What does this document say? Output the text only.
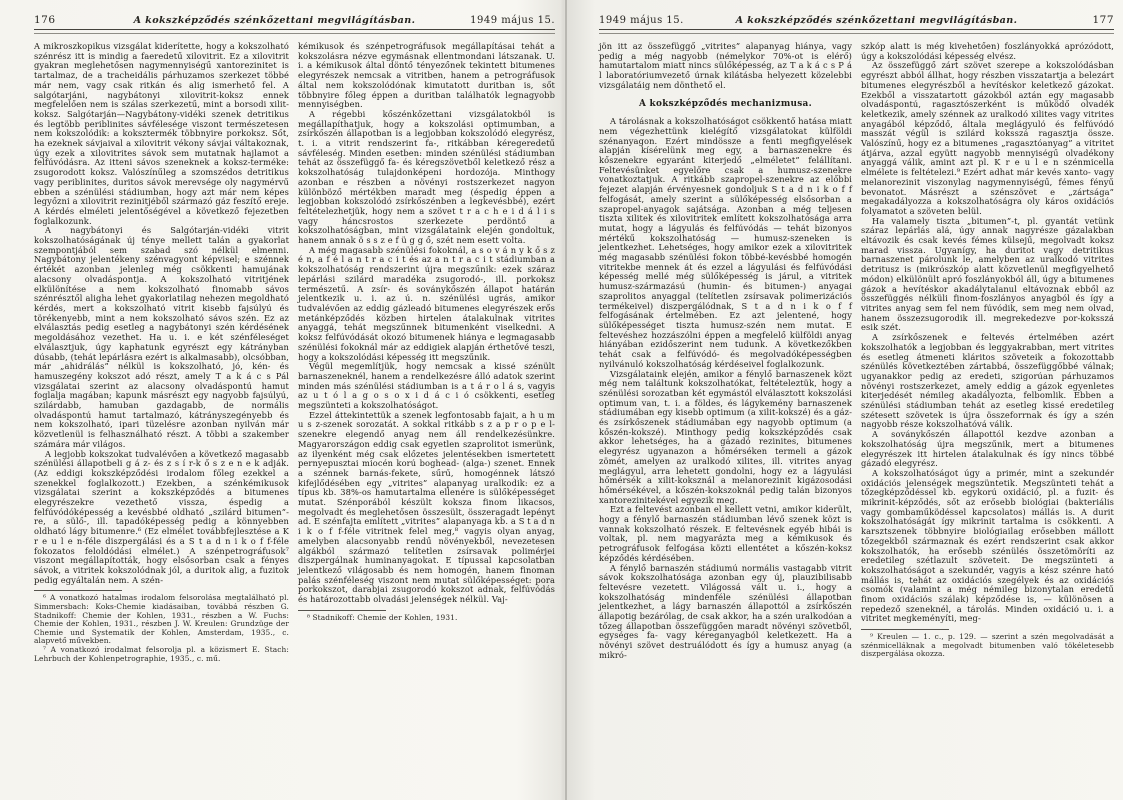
176	A kokszképződés szénkőzettani megvilágításban.	1949 május 15.

A mikroszkopikus vizsgálat kiderítette, hogy a kokszolható szénrész itt is mindig a faeredetű xilovitrit. Ez a xilovitrit gyakran meglehetősen nagymennyiségű xantorezinitet is tartalmaz, de a tracheidális párhuzamos szerkezet többé már nem, vagy csak ritkán és alig ismerhető fel. A salgótarjáni, nagybátonyi xilovitrit-koksz ennek megfelelően nem is szálas szerkezetű, mint a borsodi xilit-koksz. Salgótarján—Nagybátony-vidéki szenek detritikus és legtöbb periblinites sávfélesége viszont természetesen nem kokszolódik: a koksztermék többnyire porkoksz. Sőt, ha ezeknek sávjaival a xilovitrit vékony sávjai váltakoznak, úgy ezek a xilovitrites sávok sem mutatnak hajlamot a felfúvódásra. Az itteni sávos szeneknek a koksz-terméke: zsugorodott koksz. Valószínűleg a szomszédos detritikus vagy periblinites, duritos sávok merevsége oly nagymérvű ebben a szénülési stádiumban, hogy azt már nem képes legyőzni a xilovitrit rezinitjéből származó gáz feszítő ereje. A kérdés elméleti jelentőségével a következő fejezetben foglalkozunk.

A nagybátonyi és Salgótarján-vidéki vitrit kokszolhatóságának új ténye mellett talán a gyakorlat szempontjából sem szabad szó nélkül elmenni. Nagybátony jelentékeny szénvagyont képvisel; e szénnek értékét azonban jelenleg még csökkenti hamujának alacsony olvadáspontja. A kokszolható vitritjének elkülönítése a nem kokszolható finomabb sávos szénrésztől aligha lehet gyakorlatilag nehezen megoldható kérdés, mert a kokszolható vitrit kisebb fajsúlyú és törékenyebb, mint a nem kokszolható sávos szén. Ez az elválasztás pedig esetleg a nagybátonyi szén kérdésének megoldásához vezethet. Ha u. i. e két szénféleséget elválasztjuk, úgy kaphatunk egyrészt egy kátrányban dúsabb, (tehát lepárlásra ezért is alkalmasabb), olcsóbban, már „ahidrálás” nélkül is kokszolható, jó, kén- és hamuszegény kokszot adó részt, amely T a k á c s Pál vizsgálatai szerint az alacsony olvadáspontú hamut foglalja magában; kapunk másrészt egy nagyobb fajsúlyú, szilárdabb, hamuban gazdagabb, de normális olvadáspontú hamut tartalmazó, kátrányszegényebb és nem kokszolható, ipari tüzelésre azonban nyilván már közvetlenül is felhasználható részt. A többi a szakember számára már világos.

A legjobb kokszokat tudvalévően a következő magasabb szénülési állapotbeli g á z- és z s í r-k ő s z e n e k adják. (Az eddigi kokszképződési irodalom főleg ezekkel a szenekkel foglalkozott.) Ezekben, a szénkémikusok vizsgálatai szerint a kokszképződés a bitumenes elegyrészekre vezethető vissza, éspedig a felfúvódóképesség a kevésbbé oldható „szilárd bitumen”-re, a sülő-, ill. tapadóképesség pedig a könnyebben oldható lágy bitumenre.⁶ (Ez elmélet továbbfejlesztése a K r e u l e n-féle diszpergálási és a S t a d n i k o f f-féle fokozatos feloldódási elmélet.) A szénpetrográfusok⁷ viszont megállapították, hogy elsősorban csak a fényes sávok, a vitritek kokszolódnak jól, a duritok alig, a fuzitok pedig egyáltalán nem. A szén-

⁶ A vonatkozó hatalmas irodalom felsorolása megtalálható pl. Simmersbach: Koks-Chemie kiadásaiban, továbbá részben G. Stadnikoff: Chemie der Kohlen, 1931., részben a W. Fuchs: Chemie der Kohlen, 1931., részben J. W. Kreulen: Grundzüge der Chemie und Systematik der Kohlen, Amsterdam, 1935., c. alapvető művekben.

⁷ A vonatkozó irodalmat felsorolja pl. a közismert E. Stach: Lehrbuch der Kohlenpetrographie, 1935., c. mű.

kémikusok és szénpetrográfusok megállapításai tehát a kokszolásra nézve egymásnak ellentmondani látszanak. U. i. a kémikusok által döntő tényezőnek tekintett bitumenes elegyrészek nemcsak a vitritben, hanem a petrográfusok által nem kokszolódónak kimutatott duritban is, sőt többnyire főleg éppen a duritban találhatók legnagyobb mennyiségben.

A régebbi kőszénkőzettani vizsgálatokból is megállapíthatjuk, hogy a kokszolási optimumban, a zsírkőszén állapotban is a legjobban kokszolódó elegyrész, t. i. a vitrit rendszerint fa-, ritkábban kéregeredetű sávféleség. Minden esetben: minden szénülési stádiumban tehát az összefüggő fa- és kéregszövetből keletkező rész a kokszolhatóság tulajdonképeni hordozója. Minthogy azonban e részben a növényi rostszerkezet nagyon különböző mértékben maradt meg (éspedig éppen a legjobban kokszolódó zsírkőszénben a legkevésbbé), ezért feltételezhetjük, hogy nem a szövet t r a c h e i d á l i s vagy háncsrostos szerkezete perdöntő a kokszolhatóságban, mint vizsgálataink elején gondoltuk, hanem annak ö s s z e f ü g g ő, szét nem esett volta.

A még magasabb szénülési fokoknál, a s o v á n y k ő s z é n, a f é l a n t r a c i t és az a n t r a c i t stádiumban a kokszolhatóság rendszerint újra megszűnik: ezek száraz lepárlási szilárd maradéka zsugorodó-, ill. porkoksz természetű. A zsír- és soványkőszén állapot határán jelentkezik u. i. az ú. n. szénülési ugrás, amikor tudvalévően az eddig gázleadó bitumenes elegyrészek erős metánképződés közben hirtelen átalakulnak vitrites anyaggá, tehát megszűnnek bitumenként viselkedni. A koksz felfúvódását okozó bitumenek hiánya e legmagasabb szénülési fokoknál már az eddigiek alapján érthetővé teszi, hogy a kokszolódási képesség itt megszűnik.

Végül megemlítjük, hogy nemcsak a kissé szénült barnaszeneknél, hanem a rendelkezésre álló adatok szerint minden más szénülési stádiumban is a t á r o l á s, vagyis az u t ó l a g o s o x i d á c i ó csökkenti, esetleg megszünteti a kokszolhatóságot.

Ezzel áttekintettük a szenek legfontosabb fajait, a h u m u s z-szenek sorozatát. A sokkal ritkább s z a p r o p e l-szenekre elegendő anyag nem áll rendelkezésünkre. Magyarországon eddig csak egyetlen szaprolitot ismerünk, az ilyenként még csak előzetes jelentésekben ismertetett pernyepusztai miocén korú boghead- (alga-) szenet. Ennek a szénnek barnás-fekete, sűrű, homogénnek látszó kifejlődésében egy „vitrites” alapanyag uralkodik: ez a típus kb. 38%-os hamutartalma ellenére is sülőképességet mutat. Szénporából készült koksza finom likacsos, megolvadt és meglehetősen összesült, összeragadt lepényt ad. E szénfajta említett „vitrites” alapanyaga kb. a S t a d n i k o f f-féle vitritnek felel meg,⁸ vagyis olyan anyag, amelyben alacsonyabb rendű növényekből, nevezetesen algákból származó telítetlen zsírsavak polimérjei diszpergálnak huminanyagokat. E típussal kapcsolatban jelentkező világosabb és nem homogén, hanem finoman palás szénféleség viszont nem mutat sülőképességet: pora porkokszot, darabjai zsugorodó kokszot adnak, felfúvódás és határozottabb olvadási jelenségek nélkül. Vaj-

⁸ Stadnikoff: Chemie der Kohlen, 1931.

1949 május 15.	A kokszképződés szénkőzettani megvilágításban.	177

jön itt az összefüggő „vitrites” alapanyag hiánya, vagy pedig a még nagyobb (némelykor 70%-ot is elérő) hamutartalom miatt nincs sülőképesség, az T a k á c s P á l laboratóriumvezető úrnak kilátásba helyezett közelebbi vizsgálatáig nem dönthető el.

A kokszképződés mechanizmusa.

A tárolásnak a kokszolhatóságot csökkentő hatása miatt nem végezhettünk kielégítő vizsgálatokat külföldi szénanyagon. Ezért mindössze a fenti megfigyelések alapján kísérelünk meg egy, a barnaszenekre és kőszenekre egyaránt kiterjedő „elméletet” felállítani. Feltevésünket egyelőre csak a humusz-szenekre vonatkoztatjuk. A ritkább szapropel-szenekre az előbbi fejezet alapján érvényesnek gondoljuk S t a d n i k o f f felfogását, amely szerint a sülőképesség elsősorban a szapropel-anyagok sajátsága. Azonban a még teljesen tiszta xilitek és xilovitritek említett kokszolhatósága arra mutat, hogy a lágyulás és felfúvódás — tehát bizonyos mértékű kokszolhatóság — humusz-szeneken is jelentkezhet. Lehetséges, hogy amikor ezek a xilovitritek még magasabb szénülési fokon többé-kevésbbé homogén vitritekbe mennek át és ezzel a lágyulási és felfúvódási képesség mellé még sülőképesség is járul, a vitritek humusz-származású (humin- és bitumen-) anyagai szaprolitos anyaggal (telítetlen zsírsavak polimerizációs termékeivel) diszpergálódnak, S t a d n i k o f f felfogásának értelmében. Ez azt jelentené, hogy sülőképességet tiszta humusz-szén nem mutat. E feltevéshez hozzászólni éppen a megfelelő külföldi anyag hiányában ezidőszerint nem tudunk. A következőkben tehát csak a felfúvódó- és megolvadóképességben nyilvánuló kokszolhatóság kérdéseivel foglalkozunk.

Vizsgálataink elején, amikor a fénylő barnaszenek közt még nem találtunk kokszolhatókat, feltételeztük, hogy a szénülési sorozatban két egymástól elválasztott kokszolási optimum van, t. i. a földes, és lágykemény barnaszenek stádiumában egy kisebb optimum (a xilit-kokszé) és a gáz- és zsírkőszenek stádiumában egy nagyobb optimum (a kőszén-kokszé). Minthogy pedig kokszképződés csak akkor lehetséges, ha a gázadó rezinites, bitumenes elegyrész ugyanazon a hőmérséken termeli a gázok zömét, amelyen az uralkodó xilites, ill. vitrites anyag meglágyul, arra lehetett gondolni, hogy ez a lágyulási hőmérsék a xilit-koksznál a melanorezinit kigázosodási hőmérsékével, a kőszén-kokszoknál pedig talán bizonyos xantorezinitekével egyezik meg.

Ezt a feltevést azonban el kellett vetni, amikor kiderült, hogy a fénylő barnaszén stádiumban lévő szenek közt is vannak kokszolható részek. E feltevésnek egyéb hibái is voltak, pl. nem magyarázta meg a kémikusok és petrográfusok felfogása közti ellentétet a kőszén-koksz képződés kérdésében.

A fénylő barnaszén stádiumú normális vastagabb vitrit sávok kokszolhatósága azonban egy új, plauzibilisabb feltevésre vezetett. Világossá vált u. i., hogy a kokszolhatóság mindenféle szénülési állapotban jelentkezhet, a lágy barnaszén állapottól a zsírkőszén állapotig bezárólag, de csak akkor, ha a szén uralkodóan a tőzeg állapotban összefüggően maradt növényi szövetből, egységes fa- vagy kéreganyagból keletkezett. Ha a növényi szövet destruálódott és így a humusz anyag (a mikró-

szkóp alatt is még kivehetően) foszlányokká aprózódott, úgy a kokszolódási képesség elvész.

Az összefüggő zárt szövet szerepe a kokszolódásban egyrészt abból állhat, hogy részben visszatartja a belezárt bitumenes elegyrészből a hevítéskor keletkező gázokat. Ezekből a visszatartott gázokból aztán egy magasabb olvadáspontú, ragasztószerként is működő olvadék keletkezik, amely szénnek az uralkodó xilites vagy vitrites anyagából képződő, általa meglágyuló és felfúvódó masszát végül is szilárd koksszá ragasztja össze. Valószínű, hogy ez a bitumenes „ragasztóanyag” a vitritet átjárva, azzal együtt nagyobb mennyiségű olvadékony anyaggá válik, amint azt pl. K r e u l e n szénmicella elmélete is feltételezi.⁹ Ezért adhat már kevés xanto- vagy melanorezinit viszonylag nagymennyiségű, fémes fényű bevonatot. Másrészt a szénszövet e „zártsága” megakadályozza a kokszolhatóságra oly káros oxidációs folyamatot a szöveten belül.

Ha valamely tiszta „bitumen”-t, pl. gyantát vetünk száraz lepárlás alá, úgy annak nagyrésze gázalakban eltávozik és csak kevés fémes külsejű, megolvadt koksz marad vissza. Ugyanígy, ha duritot vagy detritikus barnaszenet párolunk le, amelyben az uralkodó vitrites detritusz is (mikrószkóp alatt közvetlenül megfigyelhető módon) elkülönült apró foszlányokból áll, úgy a bitumenes gázok a hevítéskor akadálytalanul eltávoznak ebből az összefüggés nélküli finom-foszlányos anyagból és így a vitrites anyag sem fel nem fúvódik, sem meg nem olvad, hanem összezsugorodik ill. megrekedezve por-koksszá esik szét.

A zsírkőszenek e feltevés értelmében azért kokszolhatók a legjobban és leggyakrabban, mert vitrites és esetleg átmeneti kláritos szöveteik a fokozottabb szénülés következtében zártabbá, összefüggőbbé válnak; ugyanakkor pedig az eredeti, szigorúan párhuzamos növényi rostszerkezet, amely eddig a gázok egyenletes kiterjedését némileg akadályozta, felbomlik. Ebben a szénülési stádiumban tehát az esetleg kissé eredetileg szétesett szövetek is újra összeforrnak és így a szén nagyobb része kokszolhatóvá válik.

A soványkőszén állapottól kezdve azonban a kokszolhatóság újra megszűnik, mert a bitumenes elegyrészek itt hirtelen átalakulnak és így nincs többé gázadó elegyrész.

A kokszolhatóságot úgy a primér, mint a szekundér oxidációs jelenségek megszüntetik. Megszünteti tehát a tőzegképződéssel kb. egykorú oxidáció, pl. a fuzit- és mikrinit-képződés, sőt az erősebb biológiai (bakteriális vagy gombaműködéssel kapcsolatos) mállás is. A durit kokszolhatóságát így mikrinit tartalma is csökkenti. A karsztszenek többnyire biológiailag erősebben mállott tőzegekből származnak és ezért rendszerint csak akkor kokszolhatók, ha erősebb szénülés összetömöríti az eredetileg szétlazult szöveteit. De megszünteti a kokszolhatóságot a szekundér, vagyis a kész szénre ható mállás is, tehát az oxidációs szegélyek és az oxidációs csomók (valamint a még némileg bizonytalan eredetű finom oxidációs szálak) képződése is, — különösen a repedező szeneknél, a tárolás. Minden oxidáció u. i. a vitritet megkeményíti, meg-

⁹ Kreulen — 1. c., p. 129. — szerint a szén megolvadását a szénmicelláknak a megolvadt bitumenben való tökéletesebb diszpergálása okozza.
